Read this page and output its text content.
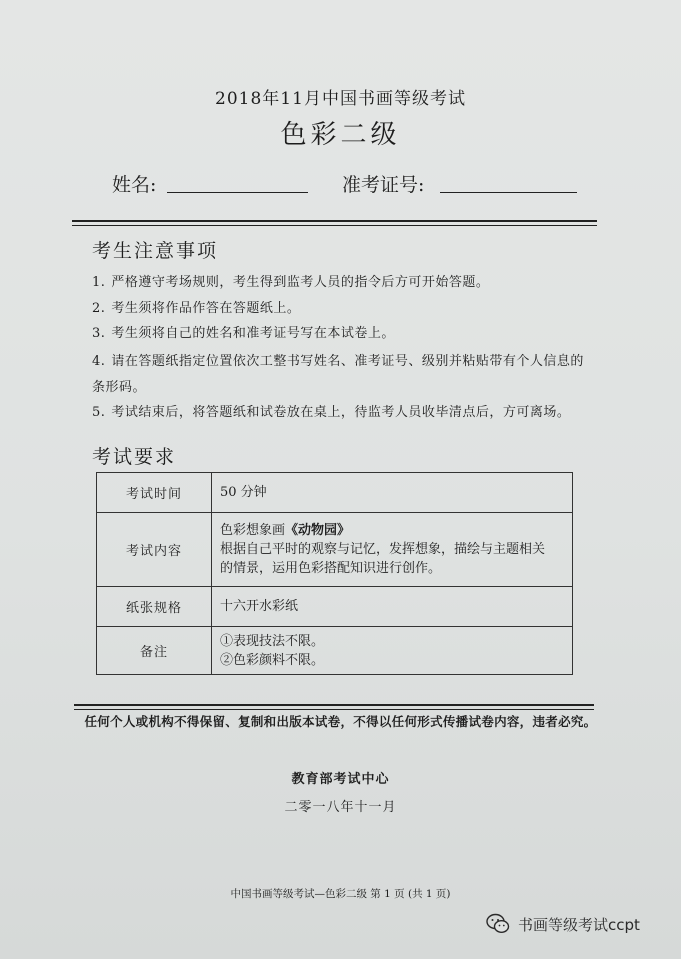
2018年11月中国书画等级考试
色彩二级
姓名:	准考证号:
考生注意事项
1. 严格遵守考场规则，考生得到监考人员的指令后方可开始答题。
2. 考生须将作品作答在答题纸上。
3. 考生须将自己的姓名和准考证号写在本试卷上。
4. 请在答题纸指定位置依次工整书写姓名、准考证号、级别并粘贴带有个人信息的条形码。
5. 考试结束后，将答题纸和试卷放在桌上，待监考人员收毕清点后，方可离场。
考试要求
考试时间	50 分钟
考试内容	色彩想象画《动物园》
根据自己平时的观察与记忆，发挥想象，描绘与主题相关
的情景，运用色彩搭配知识进行创作。
纸张规格	十六开水彩纸
备注	①表现技法不限。
②色彩颜料不限。
任何个人或机构不得保留、复制和出版本试卷，不得以任何形式传播试卷内容，违者必究。
教育部考试中心
二零一八年十一月
中国书画等级考试—色彩二级 第 1 页 (共 1 页)
书画等级考试ccpt
